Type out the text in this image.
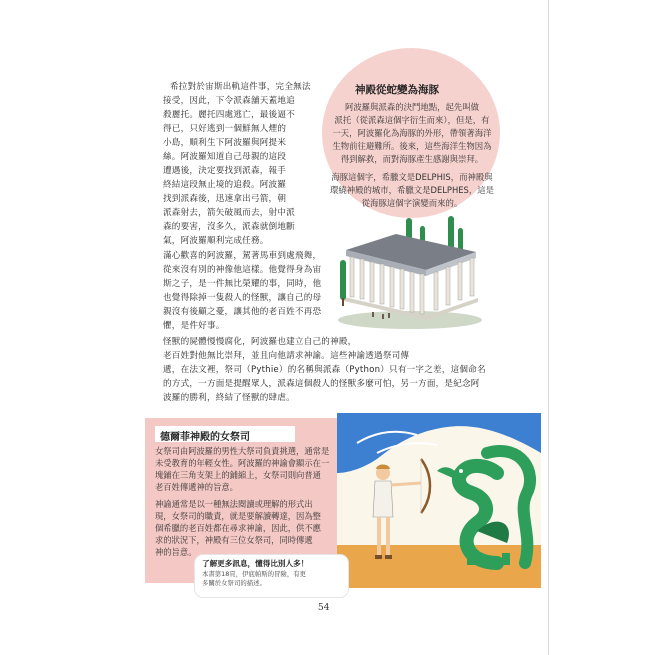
希拉對於宙斯出軌這件事，完全無法

接受，因此，下令派森舖天蓋地追

殺麗托。麗托四處逃亡，最後逼不

得已，只好逃到一個鮮無人煙的

小島，順利生下阿波羅與阿提米

絲。阿波羅知道自己母親的這段

遭遇後，決定要找到派森，報手

終結這段無止境的追殺。阿波羅

找到派森後，迅速拿出弓箭，朝

派森射去，箭矢破風而去，射中派

森的要害，沒多久，派森就倒地斷

氣，阿波羅順利完成任務。

滿心歡喜的阿波羅，駕著馬車到處飛舞，

從來沒有別的神像他這樣。他覺得身為宙

斯之子，是一件無比榮耀的事，同時，他

也覺得除掉一隻殺人的怪獸，讓自己的母

親沒有後顧之憂，讓其他的老百姓不再恐

懼，是件好事。

怪獸的屍體慢慢腐化，阿波羅也建立自己的神殿，

老百姓對他無比崇拜，並且向他請求神諭。這些神諭透過祭司傳

遞，在法文裡，祭司（Pythie）的名稱與派森（Python）只有一字之差，這個命名

的方式，一方面是提醒眾人，派森這個殺人的怪獸多麼可怕，另一方面，是紀念阿

波羅的勝利，終結了怪獸的肆虐。

神殿從蛇變為海豚

阿波羅與派森的決鬥地點，起先叫做

派托（從派森這個字衍生而來），但是，有

一天，阿波羅化為海豚的外形，帶領著海洋

生物前往避難所。後來，這些海洋生物因為

得到解救，而對海豚產生感謝與崇拜。

海豚這個字，希臘文是DELPHIS，而神殿與

環繞神殿的城市，希臘文是DELPHES，這是

從海豚這個字演變而來的。

德爾菲神殿的女祭司

女祭司由阿波羅的男性大祭司負責挑選，通常是

未受教育的年輕女性。阿波羅的神諭會顯示在一

塊鋪在三角支架上的鋪縮上，女祭司則向普通

老百姓傳遞神的旨意。

神諭通常是以一種無法閱讀或理解的形式出

現，女祭司的職責，就是要解讀轉達，因為整

個希臘的老百姓都在尋求神諭，因此，供不應

求的狀況下，神殿有三位女祭司，同時傳遞

神的旨意。

了解更多訊息，懂得比別人多！

本書第18頁，伊底帕斯的冒險，有更
多關於女祭司的描述。

54
